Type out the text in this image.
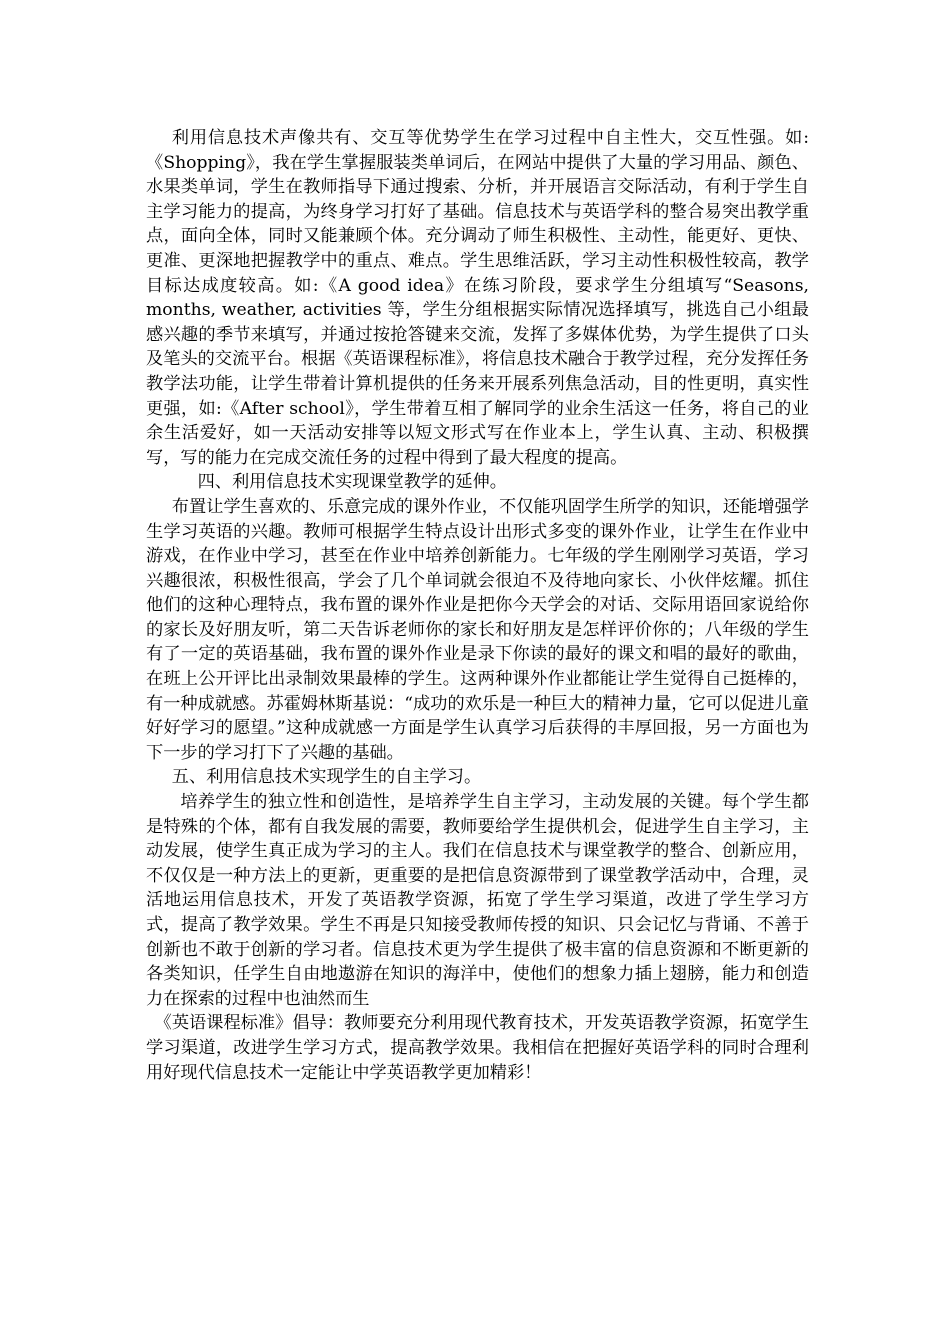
利用信息技术声像共有、交互等优势学生在学习过程中自主性大，交互性强。如:《Shopping》，我在学生掌握服装类单词后，在网站中提供了大量的学习用品、颜色、水果类单词，学生在教师指导下通过搜索、分析，并开展语言交际活动，有利于学生自主学习能力的提高，为终身学习打好了基础。信息技术与英语学科的整合易突出教学重点，面向全体，同时又能兼顾个体。充分调动了师生积极性、主动性，能更好、更快、更准、更深地把握教学中的重点、难点。学生思维活跃，学习主动性积极性较高，教学目标达成度较高。如:《A good idea》在练习阶段，要求学生分组填写“Seasons, months, weather, activities 等，学生分组根据实际情况选择填写，挑选自己小组最感兴趣的季节来填写，并通过按抢答键来交流，发挥了多媒体优势，为学生提供了口头及笔头的交流平台。根据《英语课程标准》，将信息技术融合于教学过程，充分发挥任务教学法功能，让学生带着计算机提供的任务来开展系列焦急活动，目的性更明，真实性更强，如:《After school》，学生带着互相了解同学的业余生活这一任务，将自己的业余生活爱好，如一天活动安排等以短文形式写在作业本上，学生认真、主动、积极撰写，写的能力在完成交流任务的过程中得到了最大程度的提高。

四、利用信息技术实现课堂教学的延伸。

布置让学生喜欢的、乐意完成的课外作业，不仅能巩固学生所学的知识，还能增强学生学习英语的兴趣。教师可根据学生特点设计出形式多变的课外作业，让学生在作业中游戏，在作业中学习，甚至在作业中培养创新能力。七年级的学生刚刚学习英语，学习兴趣很浓，积极性很高，学会了几个单词就会很迫不及待地向家长、小伙伴炫耀。抓住他们的这种心理特点，我布置的课外作业是把你今天学会的对话、交际用语回家说给你的家长及好朋友听，第二天告诉老师你的家长和好朋友是怎样评价你的；八年级的学生有了一定的英语基础，我布置的课外作业是录下你读的最好的课文和唱的最好的歌曲，在班上公开评比出录制效果最棒的学生。这两种课外作业都能让学生觉得自己挺棒的，有一种成就感。苏霍姆林斯基说：“成功的欢乐是一种巨大的精神力量，它可以促进儿童好好学习的愿望。”这种成就感一方面是学生认真学习后获得的丰厚回报，另一方面也为下一步的学习打下了兴趣的基础。

五、利用信息技术实现学生的自主学习。

培养学生的独立性和创造性，是培养学生自主学习，主动发展的关键。每个学生都是特殊的个体，都有自我发展的需要，教师要给学生提供机会，促进学生自主学习，主动发展，使学生真正成为学习的主人。我们在信息技术与课堂教学的整合、创新应用，不仅仅是一种方法上的更新，更重要的是把信息资源带到了课堂教学活动中，合理，灵活地运用信息技术，开发了英语教学资源，拓宽了学生学习渠道，改进了学生学习方式，提高了教学效果。学生不再是只知接受教师传授的知识、只会记忆与背诵、不善于创新也不敢于创新的学习者。信息技术更为学生提供了极丰富的信息资源和不断更新的各类知识，任学生自由地遨游在知识的海洋中，使他们的想象力插上翅膀，能力和创造力在探索的过程中也油然而生

《英语课程标准》倡导：教师要充分利用现代教育技术，开发英语教学资源，拓宽学生学习渠道，改进学生学习方式，提高教学效果。我相信在把握好英语学科的同时合理利用好现代信息技术一定能让中学英语教学更加精彩！
